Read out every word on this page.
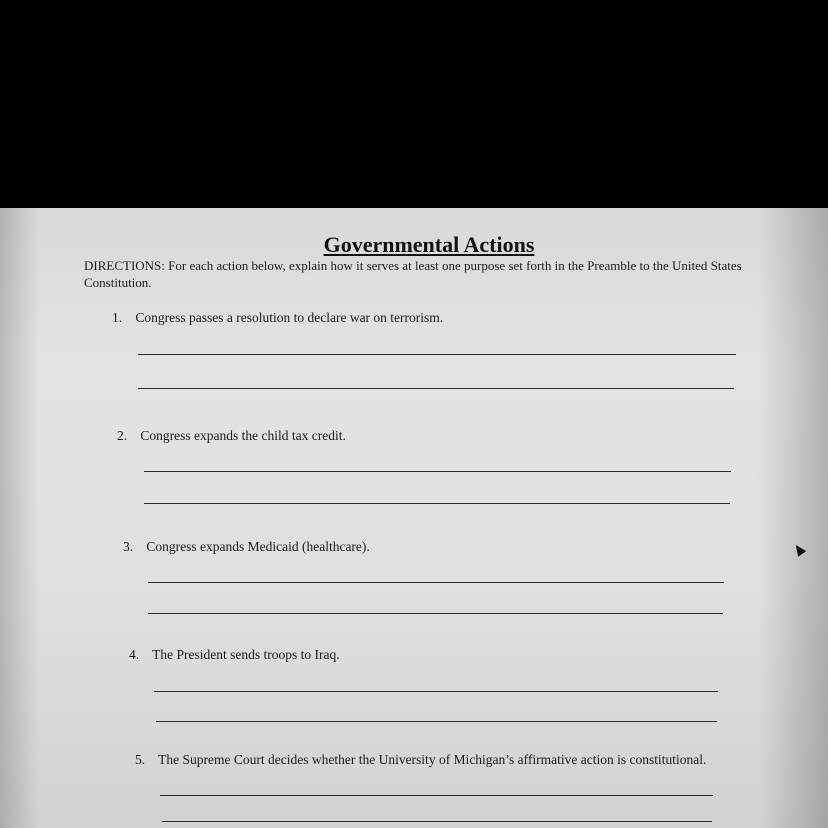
Governmental Actions
DIRECTIONS: For each action below, explain how it serves at least one purpose set forth in the Preamble to the United States Constitution.
1. Congress passes a resolution to declare war on terrorism.
2. Congress expands the child tax credit.
3. Congress expands Medicaid (healthcare).
4. The President sends troops to Iraq.
5. The Supreme Court decides whether the University of Michigan’s affirmative action is constitutional.
